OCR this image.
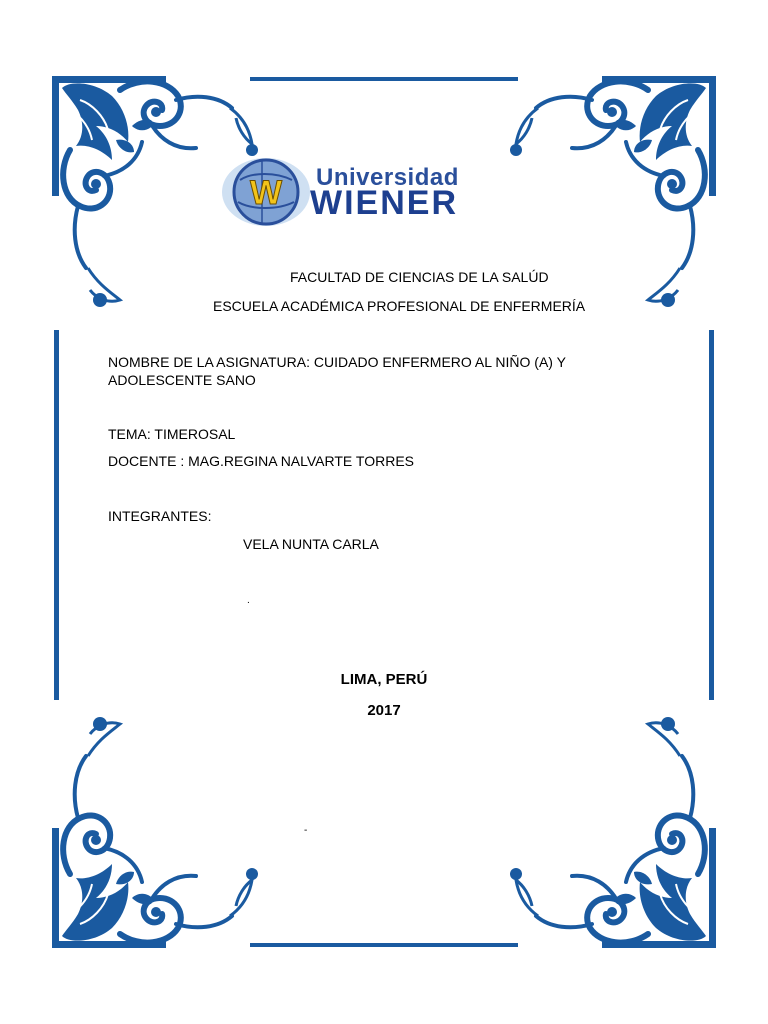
W Universidad
WIENER
FACULTAD DE CIENCIAS DE LA SALÚD
ESCUELA ACADÉMICA PROFESIONAL DE ENFERMERÍA
NOMBRE DE LA ASIGNATURA: CUIDADO ENFERMERO AL NIÑO (A) Y
ADOLESCENTE SANO
TEMA: TIMEROSAL
DOCENTE : MAG.REGINA NALVARTE TORRES
INTEGRANTES:
VELA NUNTA CARLA
.
-
LIMA, PERÚ
2017
